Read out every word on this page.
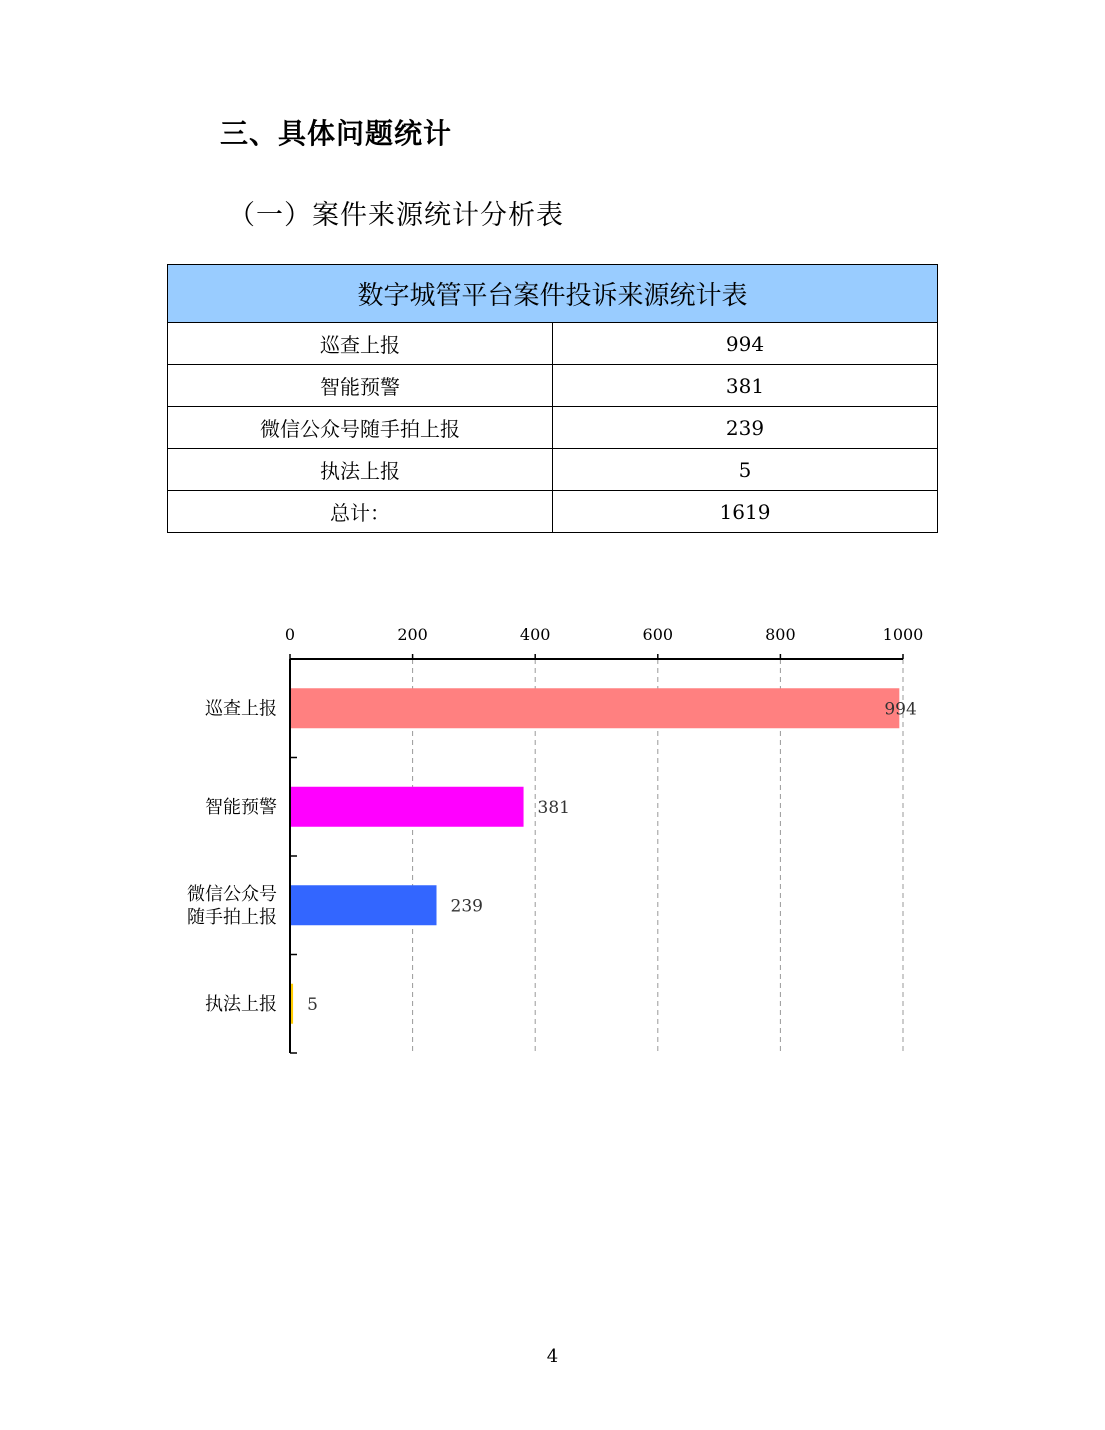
三、具体问题统计
（一）案件来源统计分析表
数字城管平台案件投诉来源统计表	
巡查上报	994
智能预警	381
微信公众号随手拍上报	239
执法上报	5
总计：	1619
0	200	400	600	800	1000
巡查上报
智能预警
微信公众号
随手拍上报
执法上报
994
381
239
5
4
